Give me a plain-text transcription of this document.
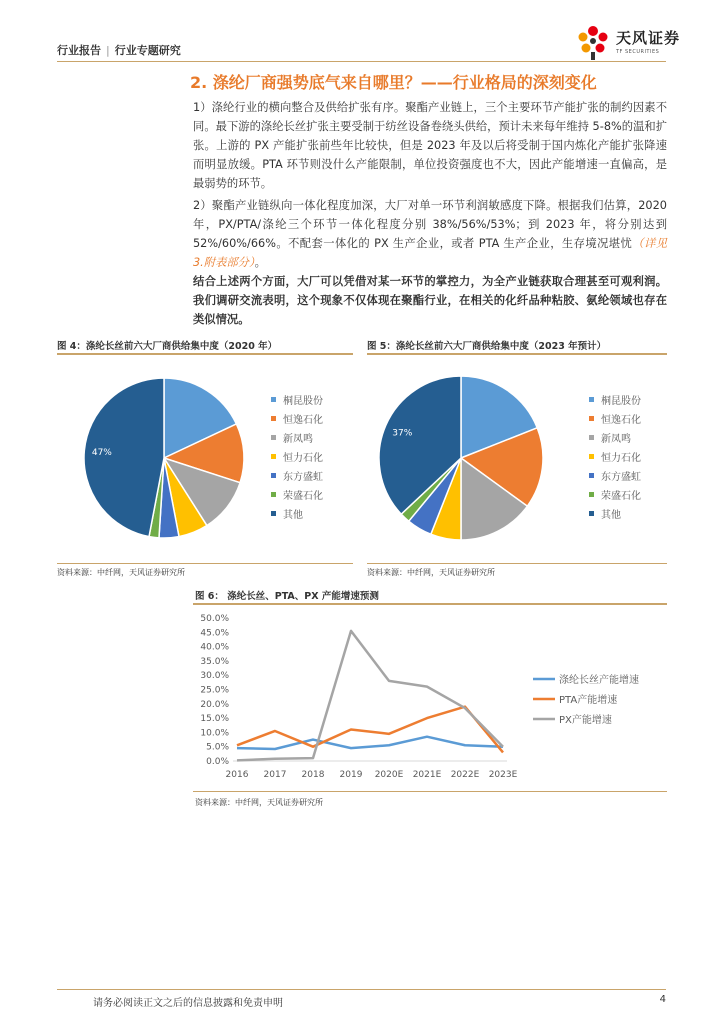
行业报告 | 行业专题研究
天风证券
TF SECURITIES
2. 涤纶厂商强势底气来自哪里？——行业格局的深刻变化
1）涤纶行业的横向整合及供给扩张有序。聚酯产业链上，三个主要环节产能扩张的制约因素不同。最下游的涤纶长丝扩张主要受制于纺丝设备卷绕头供给，预计未来每年维持 5-8%的温和扩张。上游的 PX 产能扩张前些年比较快，但是 2023 年及以后将受制于国内炼化产能扩张降速而明显放缓。PTA 环节则没什么产能限制，单位投资强度也不大，因此产能增速一直偏高，是最弱势的环节。
2）聚酯产业链纵向一体化程度加深，大厂对单一环节利润敏感度下降。根据我们估算，2020 年，PX/PTA/涤纶三个环节一体化程度分别 38%/56%/53%；到 2023 年，将分别达到 52%/60%/66%。不配套一体化的 PX 生产企业，或者 PTA 生产企业，生存境况堪忧（详见 3.附表部分）。
结合上述两个方面，大厂可以凭借对某一环节的掌控力，为全产业链获取合理甚至可观利润。我们调研交流表明，这个现象不仅体现在聚酯行业，在相关的化纤品种粘胶、氨纶领域也存在类似情况。
图 4：涤纶长丝前六大厂商供给集中度（2020 年）
47%
桐昆股份
恒逸石化
新凤鸣
恒力石化
东方盛虹
荣盛石化
其他
资料来源：中纤网，天风证券研究所
图 5：涤纶长丝前六大厂商供给集中度（2023 年预计）
37%
桐昆股份
恒逸石化
新凤鸣
恒力石化
东方盛虹
荣盛石化
其他
资料来源：中纤网，天风证券研究所
图 6： 涤纶长丝、PTA、PX 产能增速预测
0.0%
5.0%
10.0%
15.0%
20.0%
25.0%
30.0%
35.0%
40.0%
45.0%
50.0%
2016 2017 2018 2019 2020E 2021E 2022E 2023E
涤纶长丝产能增速
PTA产能增速
PX产能增速
资料来源：中纤网，天风证券研究所
请务必阅读正文之后的信息披露和免责申明	4
